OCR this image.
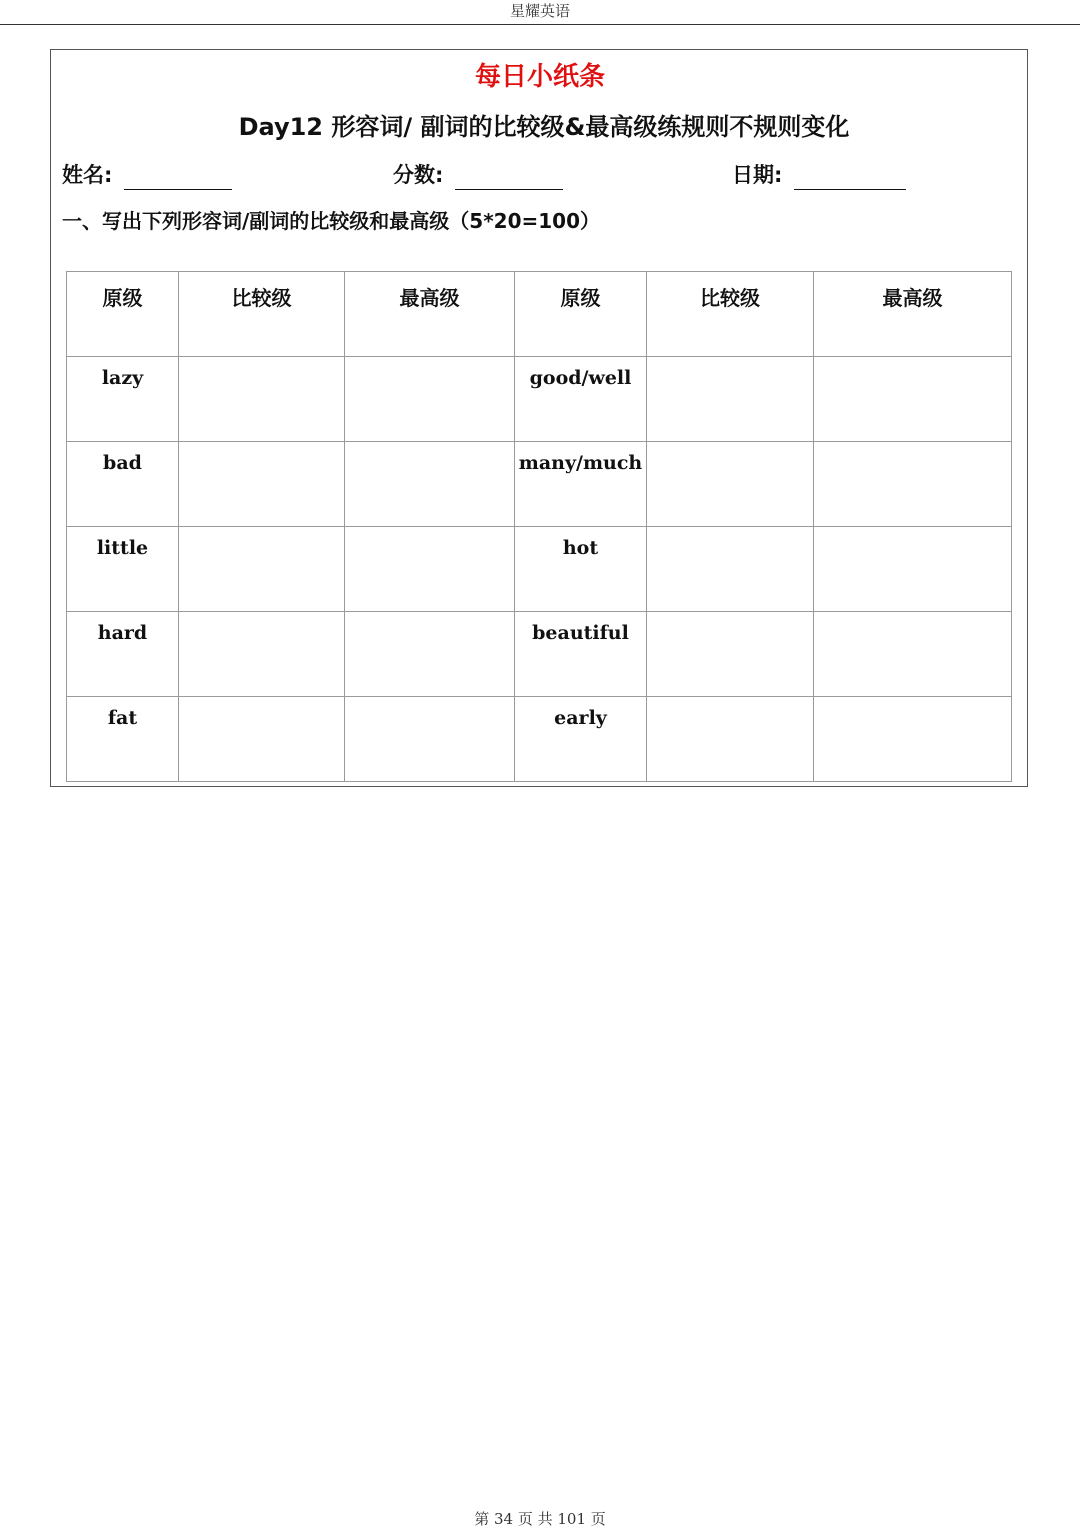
星耀英语
每日小纸条
Day12 形容词/ 副词的比较级&最高级练规则不规则变化
姓名:	分数:	日期:
一、写出下列形容词/副词的比较级和最高级（5*20=100）
原级	比较级	最高级	原级	比较级	最高级
lazy			good/well		
bad			many/much		
little			hot		
hard			beautiful		
fat			early		
第 34 页 共 101 页
